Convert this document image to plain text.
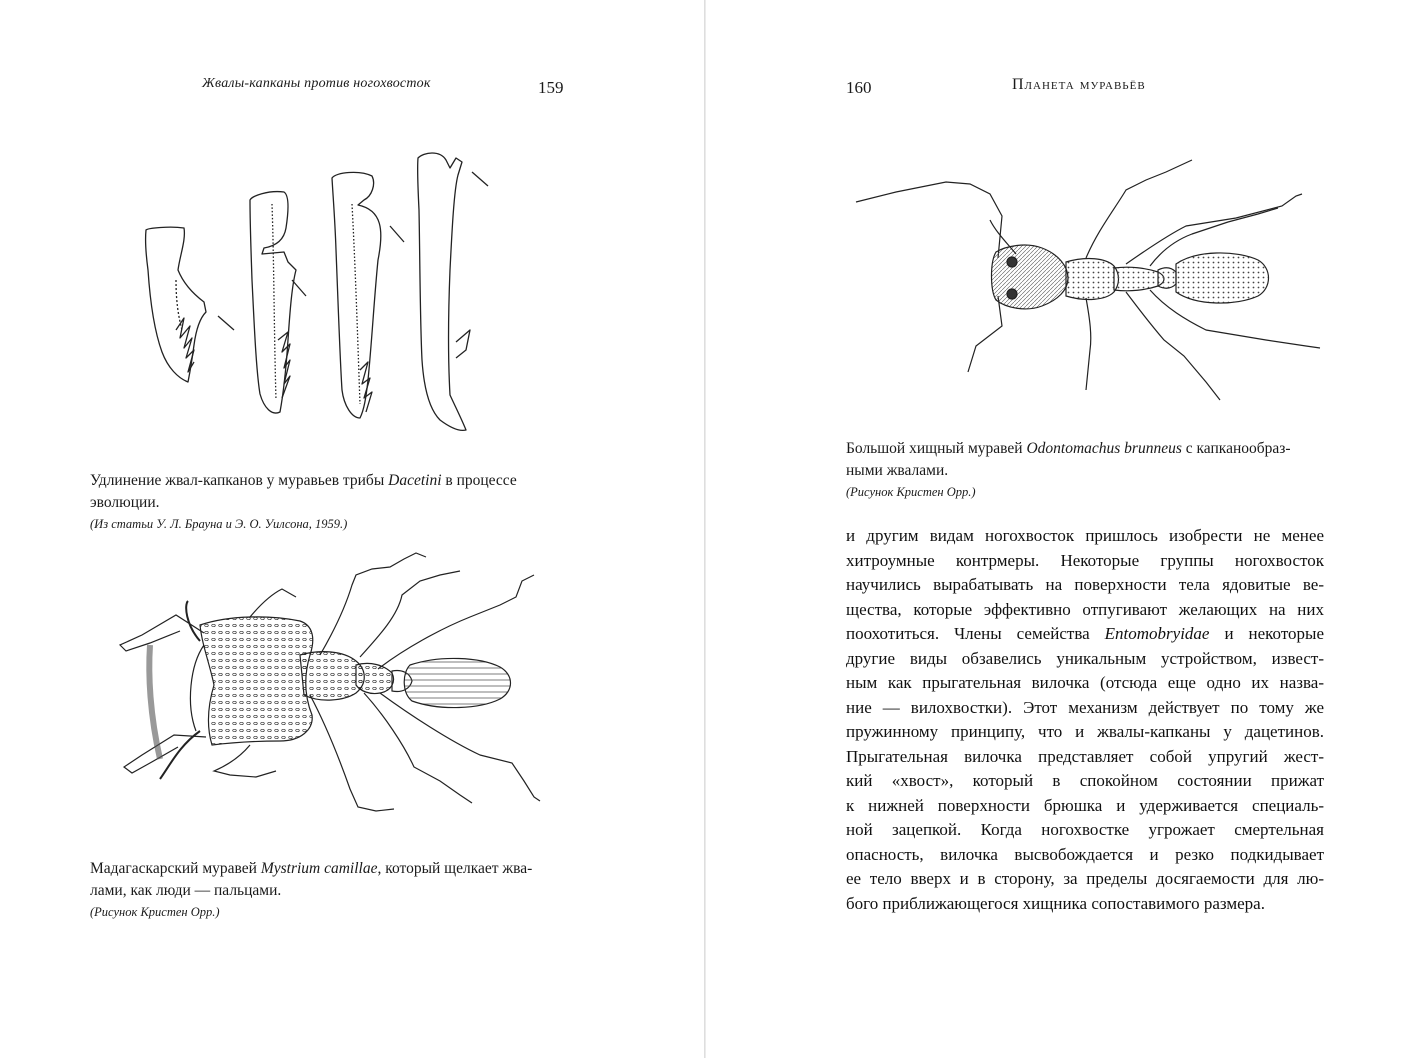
Жвалы-капканы против ногохвосток	159
Удлинение жвал-капканов у муравьев трибы Dacetini в процессе
эволюции.
(Из статьи У. Л. Брауна и Э. О. Уилсона, 1959.)
Мадагаскарский муравей Mystrium camillae, который щелкает жва-
лами, как люди — пальцами.
(Рисунок Кристен Орр.)
160	Планета муравьёв
Большой хищный муравей Odontomachus brunneus с капканообраз-
ными жвалами.
(Рисунок Кристен Орр.)
и другим видам ногохвосток пришлось изобрести не менее
хитроумные контрмеры. Некоторые группы ногохвосток
научились вырабатывать на поверхности тела ядовитые ве-
щества, которые эффективно отпугивают желающих на них
поохотиться. Члены семейства Entomobryidae и некоторые
другие виды обзавелись уникальным устройством, извест-
ным как прыгательная вилочка (отсюда еще одно их назва-
ние — вилохвостки). Этот механизм действует по тому же
пружинному принципу, что и жвалы-капканы у дацетинов.
Прыгательная вилочка представляет собой упругий жест-
кий «хвост», который в спокойном состоянии прижат
к нижней поверхности брюшка и удерживается специаль-
ной зацепкой. Когда ногохвостке угрожает смертельная
опасность, вилочка высвобождается и резко подкидывает
ее тело вверх и в сторону, за пределы досягаемости для лю-
бого приближающегося хищника сопоставимого размера.
